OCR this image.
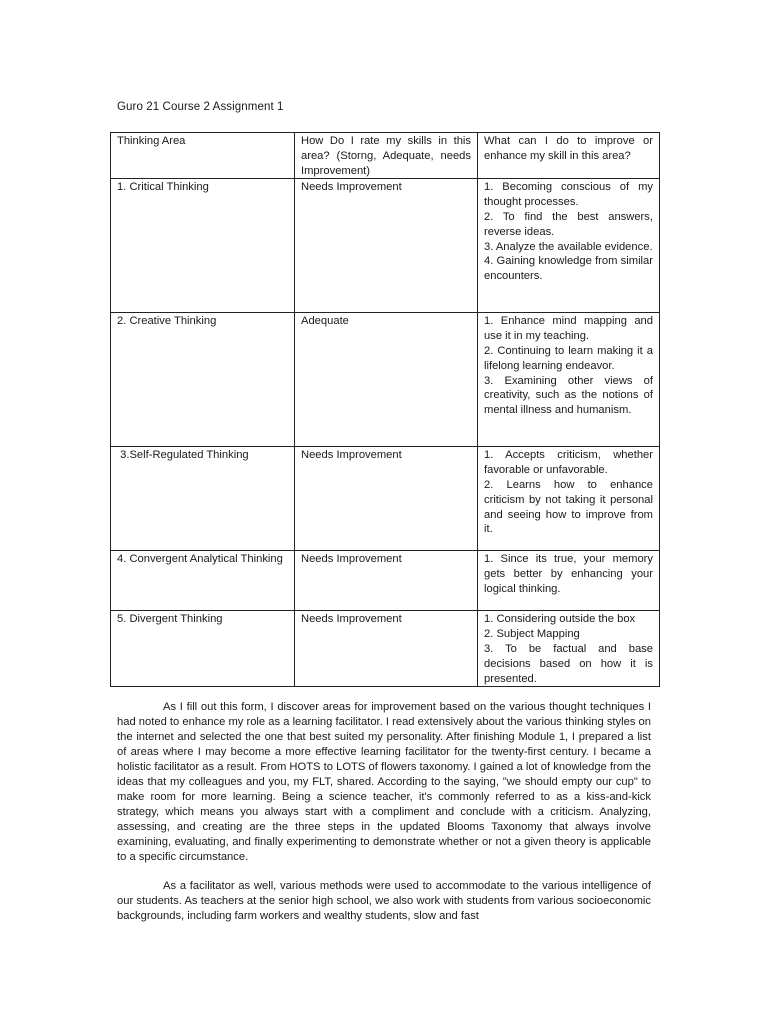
Guro 21 Course 2 Assignment 1
Thinking Area	How Do I rate my skills in this area? (Storng, Adequate, needs Improvement)	What can I do to improve or enhance my skill in this area?
1. Critical Thinking	Needs Improvement	1. Becoming conscious of my thought processes.
2. To find the best answers, reverse ideas.
3. Analyze the available evidence.
4. Gaining knowledge from similar encounters.

2. Creative Thinking	Adequate	1. Enhance mind mapping and use it in my teaching.
2. Continuing to learn making it a lifelong learning endeavor.
3. Examining other views of creativity, such as the notions of mental illness and humanism.

3.Self-Regulated Thinking	Needs Improvement	1. Accepts criticism, whether favorable or unfavorable.
2. Learns how to enhance criticism by not taking it personal and seeing how to improve from it.

4. Convergent Analytical Thinking	Needs Improvement	1. Since its true, your memory gets better by enhancing your logical thinking.

5. Divergent Thinking	Needs Improvement	1. Considering outside the box
2. Subject Mapping
3. To be factual and base decisions based on how it is presented.

As I fill out this form, I discover areas for improvement based on the various thought techniques I had noted to enhance my role as a learning facilitator. I read extensively about the various thinking styles on the internet and selected the one that best suited my personality. After finishing Module 1, I prepared a list of areas where I may become a more effective learning facilitator for the twenty-first century. I became a holistic facilitator as a result. From HOTS to LOTS of flowers taxonomy. I gained a lot of knowledge from the ideas that my colleagues and you, my FLT, shared. According to the saying, "we should empty our cup" to make room for more learning. Being a science teacher, it's commonly referred to as a kiss-and-kick strategy, which means you always start with a compliment and conclude with a criticism. Analyzing, assessing, and creating are the three steps in the updated Blooms Taxonomy that always involve examining, evaluating, and finally experimenting to demonstrate whether or not a given theory is applicable to a specific circumstance.

As a facilitator as well, various methods were used to accommodate to the various intelligence of our students. As teachers at the senior high school, we also work with students from various socioeconomic backgrounds, including farm workers and wealthy students, slow and fast
